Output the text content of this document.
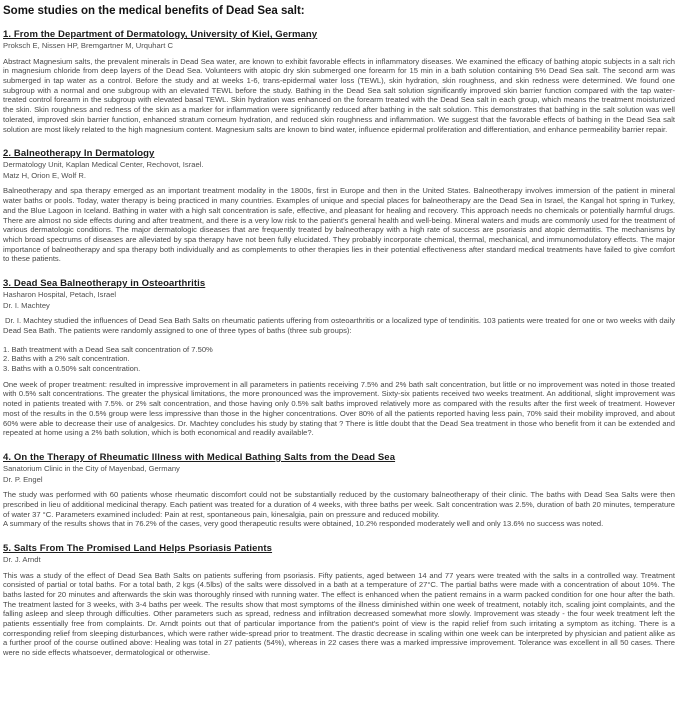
Some studies on the medical benefits of Dead Sea salt:
1. From the Department of Dermatology, University of Kiel, Germany
Proksch E, Nissen HP, Bremgartner M, Urquhart C

Abstract Magnesium salts, the prevalent minerals in Dead Sea water, are known to exhibit favorable effects in inflammatory diseases. We examined the efficacy of bathing atopic subjects in a salt rich in magnesium chloride from deep layers of the Dead Sea. Volunteers with atopic dry skin submerged one forearm for 15 min in a bath solution containing 5% Dead Sea salt. The second arm was submerged in tap water as a control. Before the study and at weeks 1-6, trans-epidermal water loss (TEWL), skin hydration, skin roughness, and skin redness were determined. We found one subgroup with a normal and one subgroup with an elevated TEWL before the study. Bathing in the Dead Sea salt solution significantly improved skin barrier function compared with the tap water-treated control forearm in the subgroup with elevated basal TEWL. Skin hydration was enhanced on the forearm treated with the Dead Sea salt in each group, which means the treatment moisturized the skin. Skin roughness and redness of the skin as a marker for inflammation were significantly reduced after bathing in the salt solution. This demonstrates that bathing in the salt solution was well tolerated, improved skin barrier function, enhanced stratum corneum hydration, and reduced skin roughness and inflammation. We suggest that the favorable effects of bathing in the Dead Sea salt solution are most likely related to the high magnesium content. Magnesium salts are known to bind water, influence epidermal proliferation and differentiation, and enhance permeability barrier repair.

2. Balneotherapy In Dermatology
Dermatology Unit, Kaplan Medical Center, Rechovot, Israel.
Matz H, Orion E, Wolf R.

Balneotherapy and spa therapy emerged as an important treatment modality in the 1800s, first in Europe and then in the United States. Balneotherapy involves immersion of the patient in mineral water baths or pools. Today, water therapy is being practiced in many countries. Examples of unique and special places for balneotherapy are the Dead Sea in Israel, the Kangal hot spring in Turkey, and the Blue Lagoon in Iceland. Bathing in water with a high salt concentration is safe, effective, and pleasant for healing and recovery. This approach needs no chemicals or potentially harmful drugs. There are almost no side effects during and after treatment, and there is a very low risk to the patient's general health and well-being. Mineral waters and muds are commonly used for the treatment of various dermatologic conditions. The major dermatologic diseases that are frequently treated by balneotherapy with a high rate of success are psoriasis and atopic dermatitis. The mechanisms by which broad spectrums of diseases are alleviated by spa therapy have not been fully elucidated. They probably incorporate chemical, thermal, mechanical, and immunomodulatory effects. The major importance of balneotherapy and spa therapy both individually and as complements to other therapies lies in their potential effectiveness after standard medical treatments have failed to give comfort to these patients.

3. Dead Sea Balneotherapy in Osteoarthritis
Hasharon Hospital, Petach, Israel
Dr. I. Machtey

Dr. I. Machtey studied the influences of Dead Sea Bath Salts on rheumatic patients uffering from osteoarthritis or a localized type of tendinitis. 103 patients were treated for one or two weeks with daily Dead Sea Bath. The patients were randomly assigned to one of three types of baths (three sub groups):

1. Bath treatment with a Dead Sea salt concentration of 7.50%
2. Baths with a 2% salt concentration.
3. Baths with a 0.50% salt concentration.

One week of proper treatment: resulted in impressive improvement in all parameters in patients receiving 7.5% and 2% bath salt concentration, but little or no improvement was noted in those treated with 0.5% salt concentrations. The greater the physical limitations, the more pronounced was the improvement. Sixty-six patients received two weeks treatment. An additional, slight improvement was noted in patients treated with 7.5%. or 2% salt concentration, and those having only 0.5% salt baths improved relatively more as compared with the results after the first week of treatment. However most of the results in the 0.5% group were less impressive than those in the higher concentrations. Over 80% of all the patients reported having less pain, 70% said their mobility improved, and about 60% were able to decrease their use of analgesics. Dr. Machtey concludes his study by stating that ? There is little doubt that the Dead Sea treatment in those who benefit from it can be extended and repeated at home using a 2% bath solution, which is both economical and readily available?.

4. On the Therapy of Rheumatic Illness with Medical Bathing Salts from the Dead Sea
Sanatorium Clinic in the City of Mayenbad, Germany
Dr. P. Engel

The study was performed with 60 patients whose rheumatic discomfort could not be substantially reduced by the customary balneotherapy of their clinic. The baths with Dead Sea Salts were then prescribed in lieu of additional medicinal therapy. Each patient was treated for a duration of 4 weeks, with three baths per week. Salt concentration was 2.5%, duration of bath 20 minutes, temperature of water 37 °C. Parameters examined included: Pain at rest, spontaneous pain, kinesalgia, pain on pressure and reduced mobility.

A summary of the results shows that in 76.2% of the cases, very good therapeutic results were obtained, 10.2% responded moderately well and only 13.6% no success was noted.

5. Salts From The Promised Land Helps Psoriasis Patients
Dr. J. Arndt

This was a study of the effect of Dead Sea Bath Salts on patients suffering from psoriasis. Fifty patients, aged between 14 and 77 years were treated with the salts in a controlled way. Treatment consisted of partial or total baths. For a total bath, 2 kgs (4.5lbs) of the salts were dissolved in a bath at a temperature of 27°C. The partial baths were made with a concentration of about 10%. The baths lasted for 20 minutes and afterwards the skin was thoroughly rinsed with running water. The effect is enhanced when the patient remains in a warm packed condition for one hour after the bath. The treatment lasted for 3 weeks, with 3-4 baths per week. The results show that most symptoms of the illness diminished within one week of treatment, notably itch, scaling joint complaints, and the falling asleep and sleep through difficulties. Other parameters such as spread, redness and infiltration decreased somewhat more slowly. Improvement was steady - the four week treatment left the patients essentially free from complaints. Dr. Arndt points out that of particular importance from the patient's point of view is the rapid relief from such irritating a symptom as itching. There is a corresponding relief from sleeping disturbances, which were rather wide-spread prior to treatment. The drastic decrease in scaling within one week can be interpreted by physician and patient alike as a further proof of the course outlined above: Healing was total in 27 patients (54%), whereas in 22 cases there was a marked impressive improvement. Tolerance was excellent in all 50 cases. There were no side effects whatsoever, dermatological or otherwise.
